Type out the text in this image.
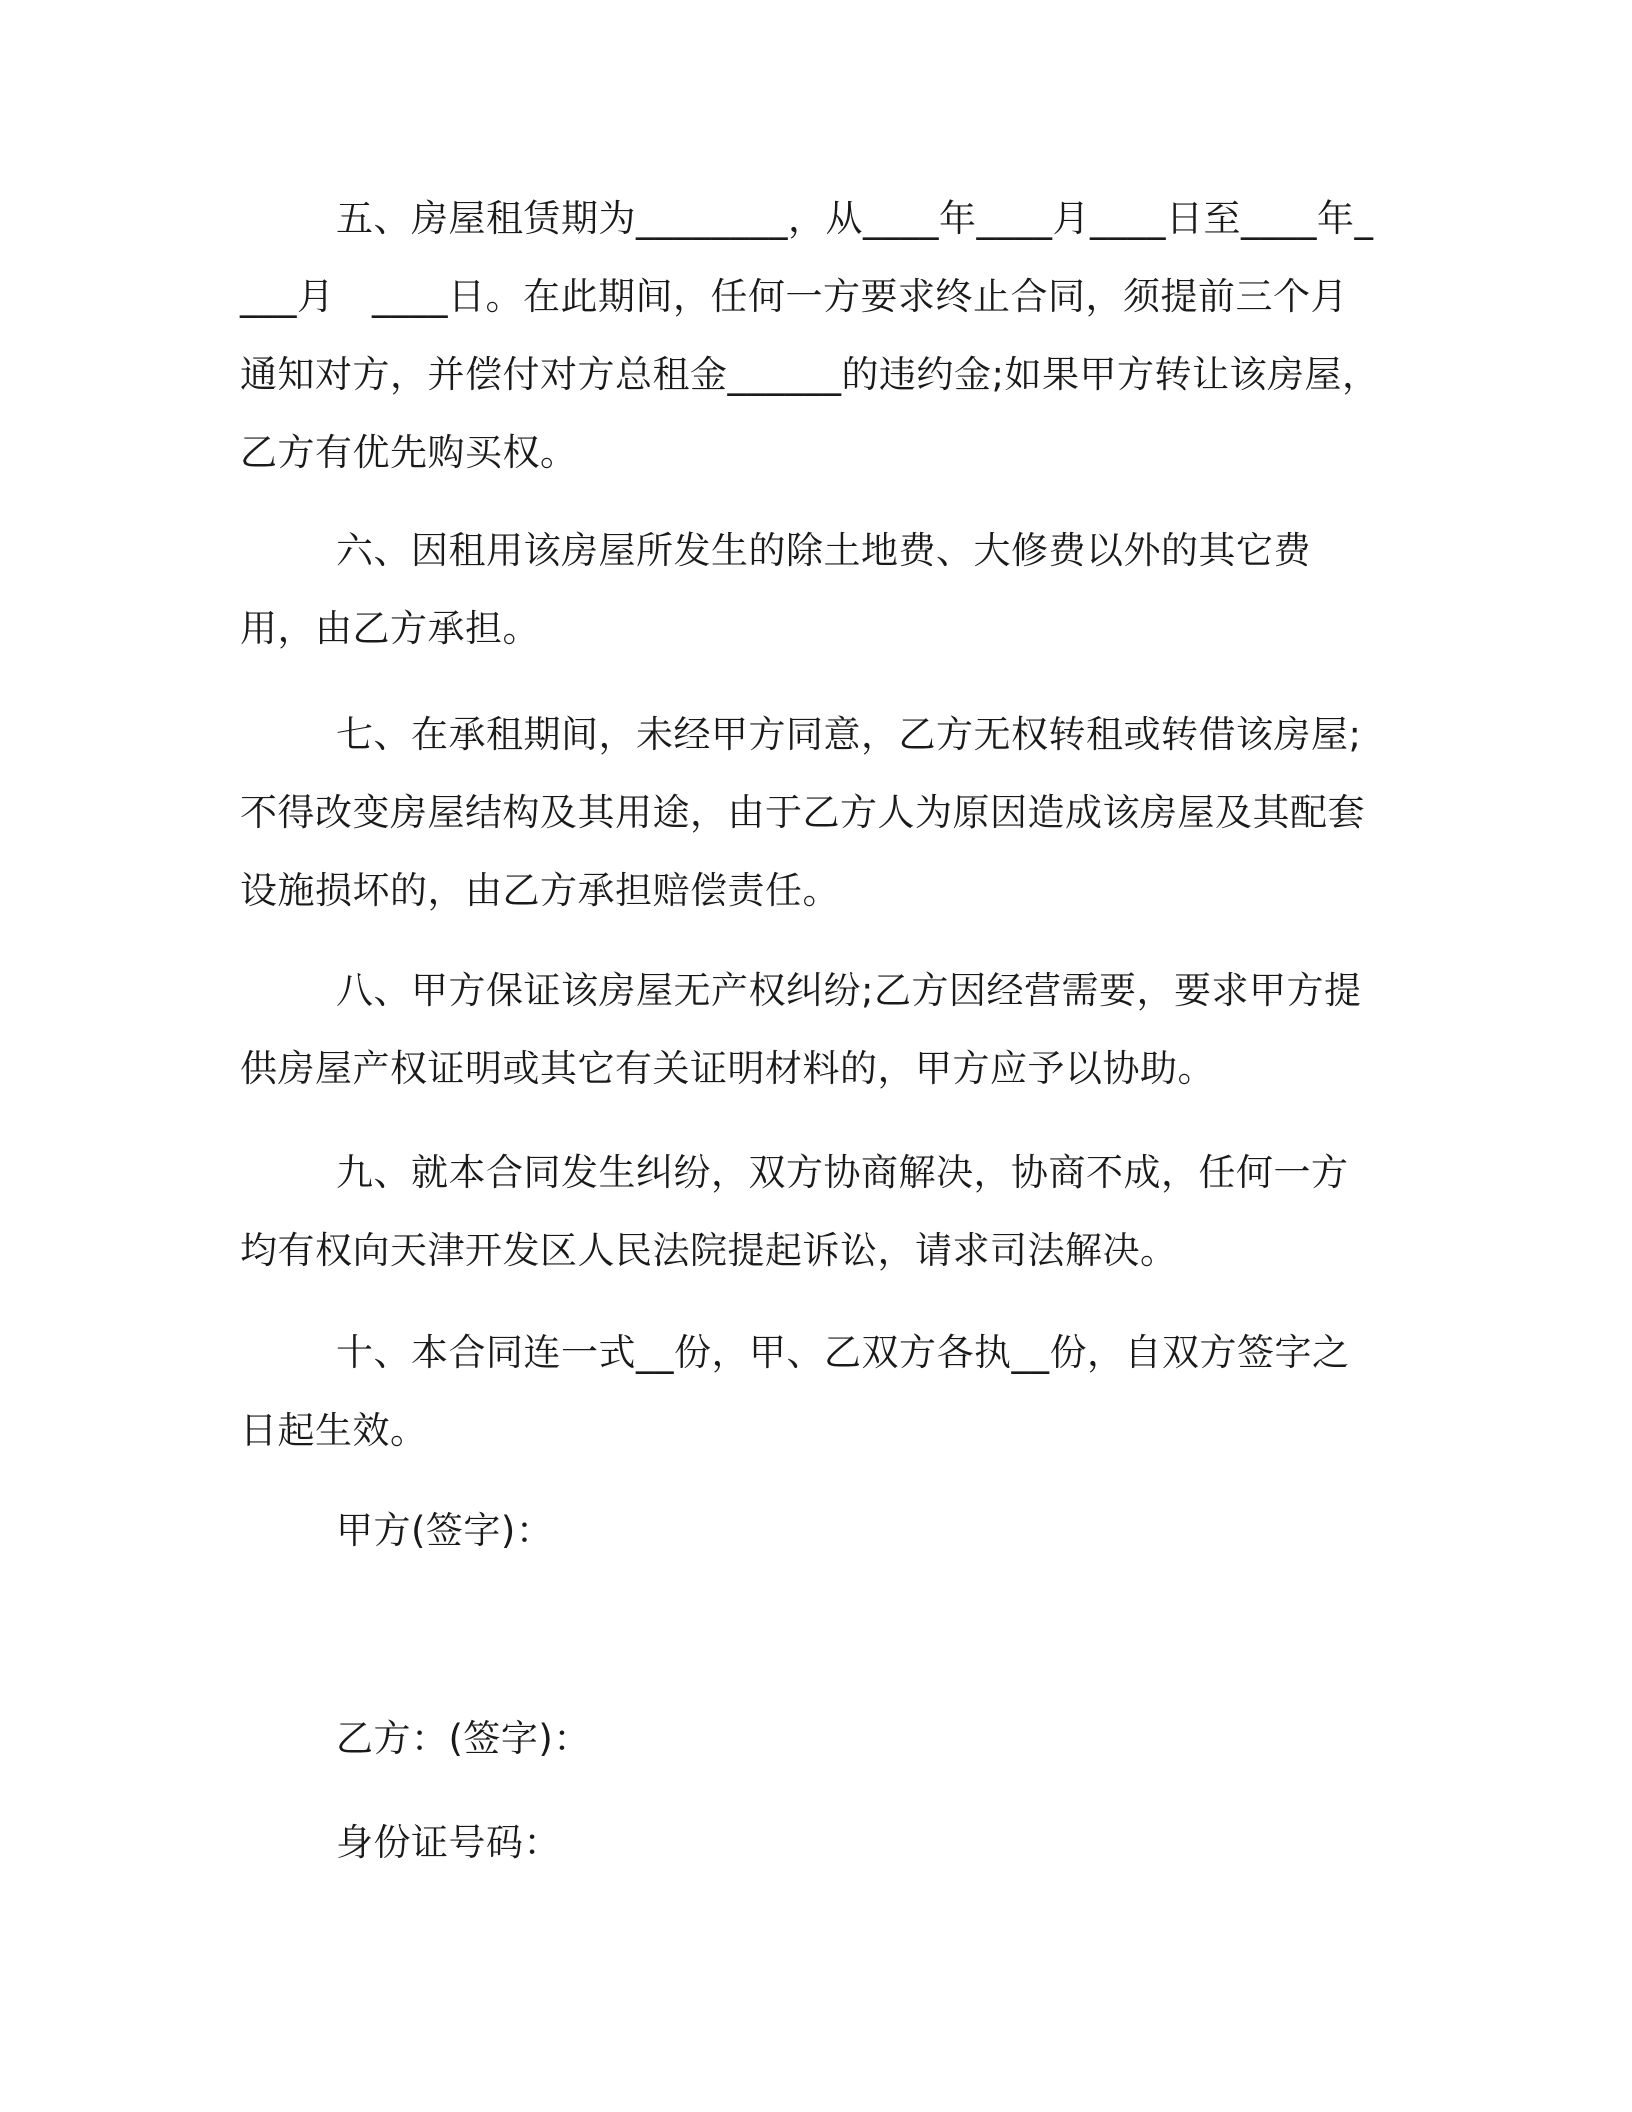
五、房屋租赁期为________，从____年____月____日至____年____月　____日。在此期间，任何一方要求终止合同，须提前三个月通知对方，并偿付对方总租金______的违约金;如果甲方转让该房屋，乙方有优先购买权。

六、因租用该房屋所发生的除土地费、大修费以外的其它费用，由乙方承担。

七、在承租期间，未经甲方同意，乙方无权转租或转借该房屋;不得改变房屋结构及其用途，由于乙方人为原因造成该房屋及其配套设施损坏的，由乙方承担赔偿责任。

八、甲方保证该房屋无产权纠纷;乙方因经营需要，要求甲方提供房屋产权证明或其它有关证明材料的，甲方应予以协助。

九、就本合同发生纠纷，双方协商解决，协商不成，任何一方均有权向天津开发区人民法院提起诉讼，请求司法解决。

十、本合同连一式__份，甲、乙双方各执__份，自双方签字之日起生效。

甲方(签字)：

乙方：(签字)：

身份证号码：
